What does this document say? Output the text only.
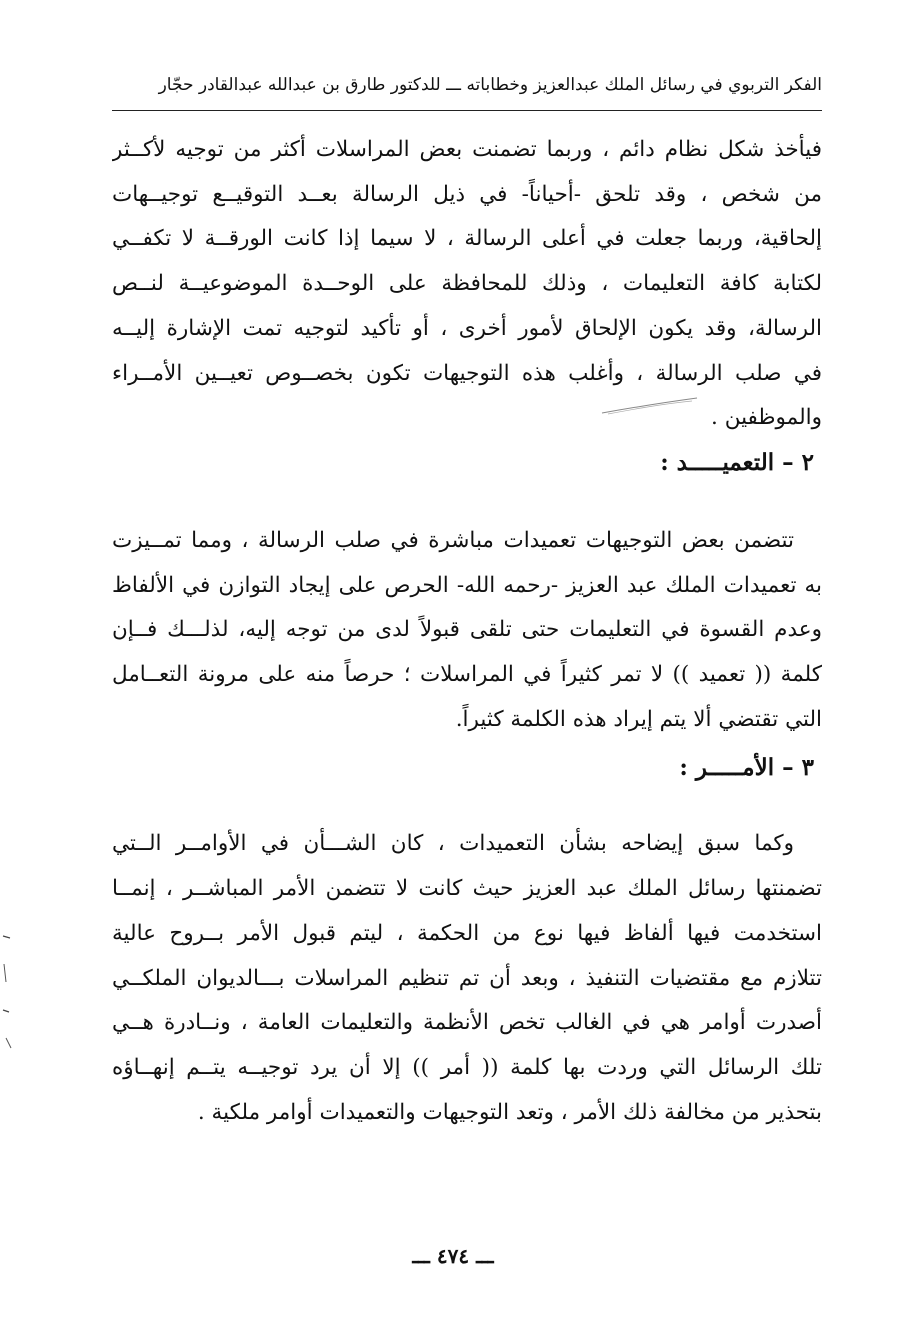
الفكر التربوي في رسائل الملك عبدالعزيز وخطاباته ـــ للدكتور طارق بن عبدالله عبدالقادر حجّار
فيأخذ شكل نظام دائم ، وربما تضمنت بعض المراسلات أكثر من توجيه لأكــثر
من شخص ، وقد تلحق -أحياناً- في ذيل الرسالة بعــد التوقيــع توجيــهات
إلحاقية، وربما جعلت في أعلى الرسالة ، لا سيما إذا كانت الورقــة لا تكفــي
لكتابة كافة التعليمات ، وذلك للمحافظة على الوحــدة الموضوعيــة لنــص
الرسالة، وقد يكون الإلحاق لأمور أخرى ، أو تأكيد لتوجيه تمت الإشارة إليــه
في صلب الرسالة ، وأغلب هذه التوجيهات تكون بخصــوص تعيــين الأمــراء
والموظفين .
٢ – التعميـــــد :
تتضمن بعض التوجيهات تعميدات مباشرة في صلب الرسالة ، ومما تمــيزت
به تعميدات الملك عبد العزيز -رحمه الله- الحرص على إيجاد التوازن في الألفاظ
وعدم القسوة في التعليمات حتى تلقى قبولاً لدى من توجه إليه، لذلـــك فــإن
كلمة (( تعميد )) لا تمر كثيراً في المراسلات ؛ حرصاً منه على مرونة التعــامل
التي تقتضي ألا يتم إيراد هذه الكلمة كثيراً.
٣ – الأمـــــر :
وكما سبق إيضاحه بشأن التعميدات ، كان الشـــأن في الأوامــر الــتي
تضمنتها رسائل الملك عبد العزيز حيث كانت لا تتضمن الأمر المباشــر ، إنمــا
استخدمت فيها ألفاظ فيها نوع من الحكمة ، ليتم قبول الأمر بــروح عالية
تتلازم مع مقتضيات التنفيذ ، وبعد أن تم تنظيم المراسلات بـــالديوان الملكــي
أصدرت أوامر هي في الغالب تخص الأنظمة والتعليمات العامة ، ونــادرة هــي
تلك الرسائل التي وردت بها كلمة (( أمر )) إلا أن يرد توجيــه يتــم إنهــاؤه
بتحذير من مخالفة ذلك الأمر ، وتعد التوجيهات والتعميدات أوامر ملكية .
ـــ ٤٧٤ ـــ
